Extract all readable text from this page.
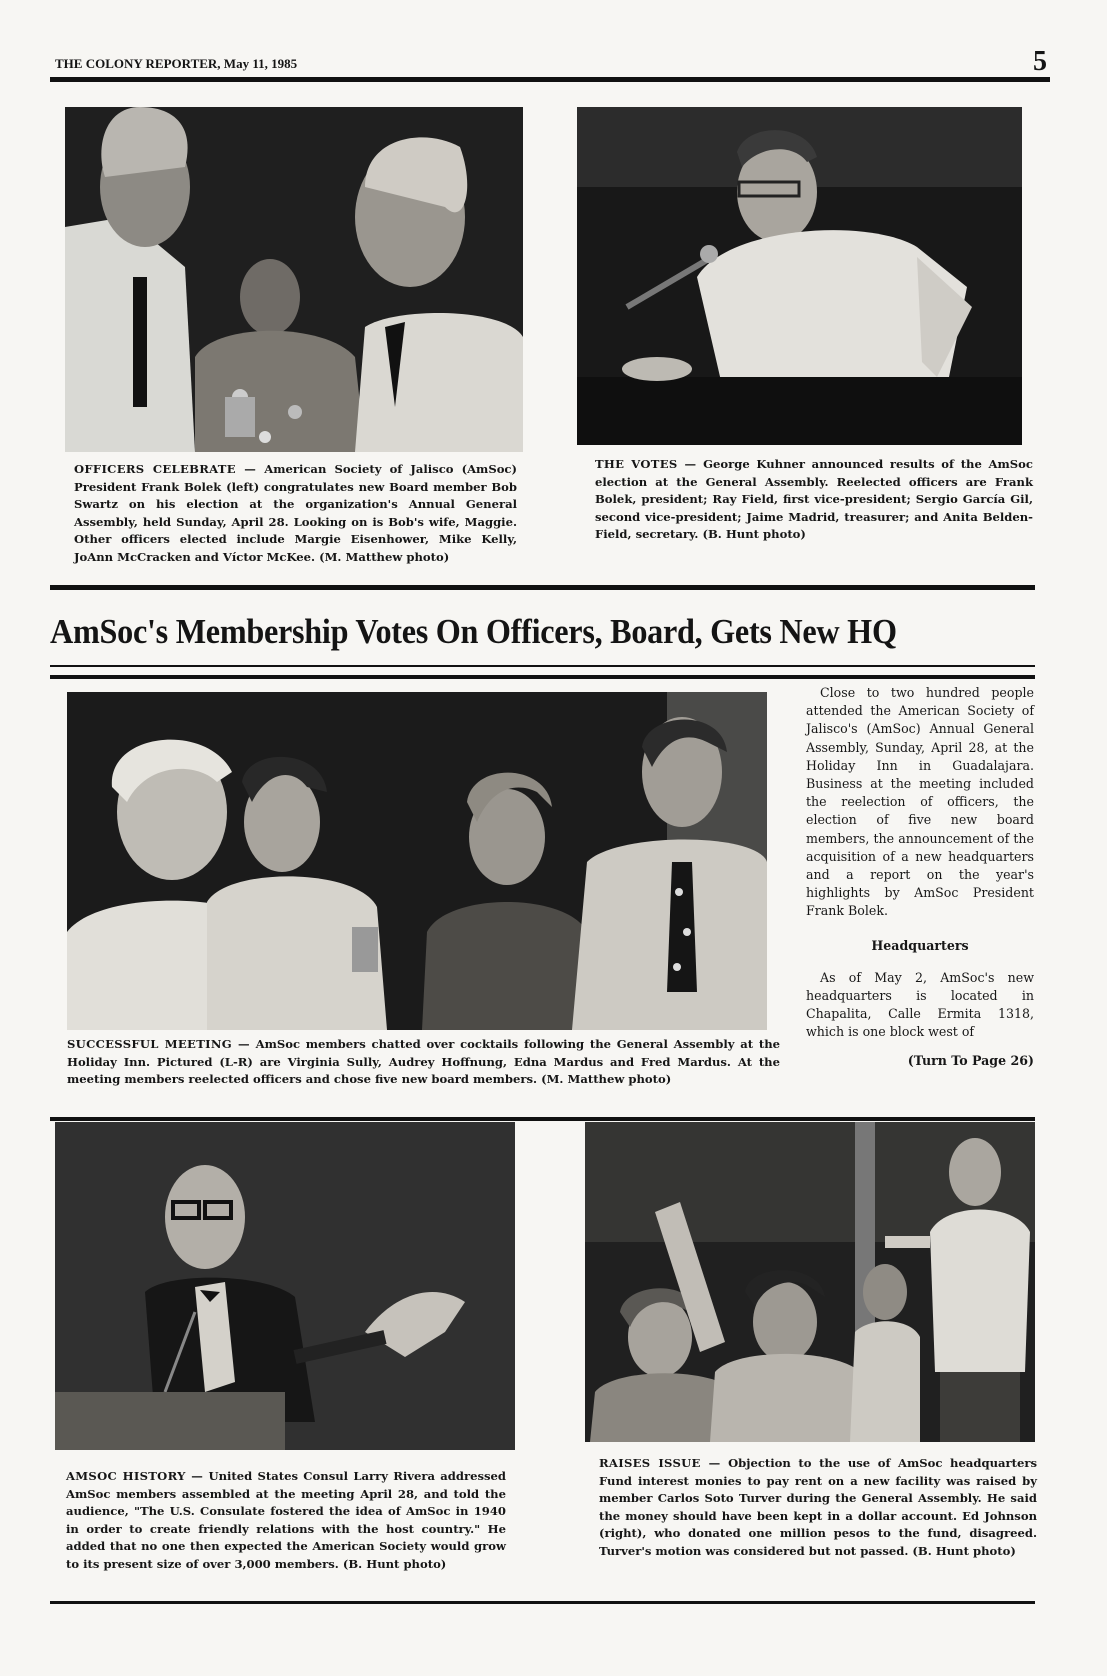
THE COLONY REPORTER, May 11, 1985	5
OFFICERS CELEBRATE — American Society of Jalisco (AmSoc) President Frank Bolek (left) congratulates new Board member Bob Swartz on his election at the organization's Annual General Assembly, held Sunday, April 28. Looking on is Bob's wife, Maggie. Other officers elected include Margie Eisenhower, Mike Kelly, JoAnn McCracken and Víctor McKee. (M. Matthew photo)
THE VOTES — George Kuhner announced results of the AmSoc election at the General Assembly. Reelected officers are Frank Bolek, president; Ray Field, first vice-president; Sergio García Gil, second vice-president; Jaime Madrid, treasurer; and Anita Belden-Field, secretary. (B. Hunt photo)
AmSoc's Membership Votes On Officers, Board, Gets New HQ
SUCCESSFUL MEETING — AmSoc members chatted over cocktails following the General Assembly at the Holiday Inn. Pictured (L-R) are Virginia Sully, Audrey Hoffnung, Edna Mardus and Fred Mardus. At the meeting members reelected officers and chose five new board members. (M. Matthew photo)

Close to two hundred people attended the American Society of Jalisco's (AmSoc) Annual General Assembly, Sunday, April 28, at the Holiday Inn in Guadalajara. Business at the meeting included the reelection of officers, the election of five new board members, the announcement of the acquisition of a new headquarters and a report on the year's highlights by AmSoc President Frank Bolek.

Headquarters

As of May 2, AmSoc's new headquarters is located in Chapalita, Calle Ermita 1318, which is one block west of

(Turn To Page 26)

AMSOC HISTORY — United States Consul Larry Rivera addressed AmSoc members assembled at the meeting April 28, and told the audience, "The U.S. Consulate fostered the idea of AmSoc in 1940 in order to create friendly relations with the host country." He added that no one then expected the American Society would grow to its present size of over 3,000 members. (B. Hunt photo)
RAISES ISSUE — Objection to the use of AmSoc headquarters Fund interest monies to pay rent on a new facility was raised by member Carlos Soto Turver during the General Assembly. He said the money should have been kept in a dollar account. Ed Johnson (right), who donated one million pesos to the fund, disagreed. Turver's motion was considered but not passed. (B. Hunt photo)
